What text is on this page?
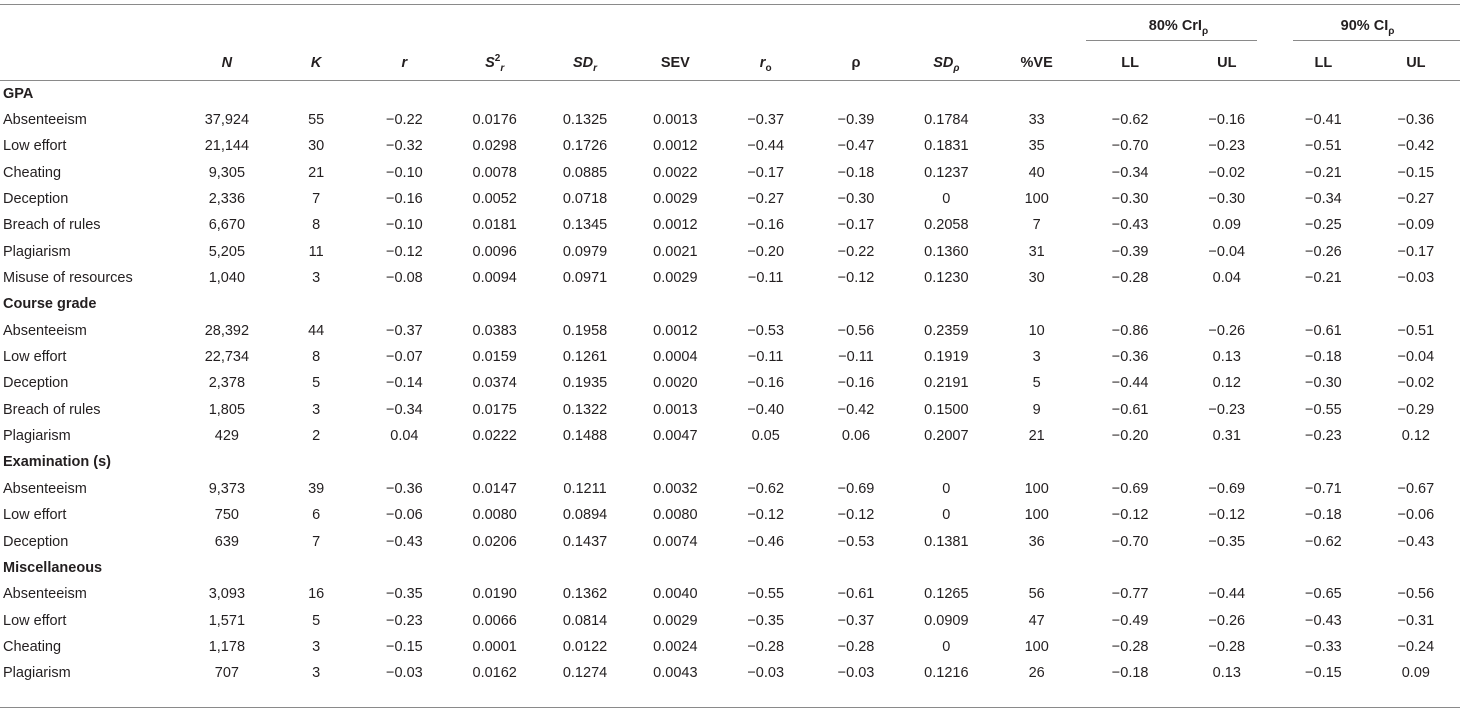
											80% CrI$_\rho$		90% $CI_\rho$

	N	K	r	$S^2_r$	$SD_r$	SEV	$r_o$	ρ	$SD_\rho$	%VE	LL	UL	LL	UL
GPA														
Absenteeism	37,924	55	−0.22	0.0176	0.1325	0.0013	−0.37	−0.39	0.1784	33	−0.62	−0.16	−0.41	−0.36
Low effort	21,144	30	−0.32	0.0298	0.1726	0.0012	−0.44	−0.47	0.1831	35	−0.70	−0.23	−0.51	−0.42
Cheating	9,305	21	−0.10	0.0078	0.0885	0.0022	−0.17	−0.18	0.1237	40	−0.34	−0.02	−0.21	−0.15
Deception	2,336	7	−0.16	0.0052	0.0718	0.0029	−0.27	−0.30	0	100	−0.30	−0.30	−0.34	−0.27
Breach of rules	6,670	8	−0.10	0.0181	0.1345	0.0012	−0.16	−0.17	0.2058	7	−0.43	0.09	−0.25	−0.09
Plagiarism	5,205	11	−0.12	0.0096	0.0979	0.0021	−0.20	−0.22	0.1360	31	−0.39	−0.04	−0.26	−0.17
Misuse of resources	1,040	3	−0.08	0.0094	0.0971	0.0029	−0.11	−0.12	0.1230	30	−0.28	0.04	−0.21	−0.03
Course grade														
Absenteeism	28,392	44	−0.37	0.0383	0.1958	0.0012	−0.53	−0.56	0.2359	10	−0.86	−0.26	−0.61	−0.51
Low effort	22,734	8	−0.07	0.0159	0.1261	0.0004	−0.11	−0.11	0.1919	3	−0.36	0.13	−0.18	−0.04
Deception	2,378	5	−0.14	0.0374	0.1935	0.0020	−0.16	−0.16	0.2191	5	−0.44	0.12	−0.30	−0.02
Breach of rules	1,805	3	−0.34	0.0175	0.1322	0.0013	−0.40	−0.42	0.1500	9	−0.61	−0.23	−0.55	−0.29
Plagiarism	429	2	0.04	0.0222	0.1488	0.0047	0.05	0.06	0.2007	21	−0.20	0.31	−0.23	0.12
Examination (s)														
Absenteeism	9,373	39	−0.36	0.0147	0.1211	0.0032	−0.62	−0.69	0	100	−0.69	−0.69	−0.71	−0.67
Low effort	750	6	−0.06	0.0080	0.0894	0.0080	−0.12	−0.12	0	100	−0.12	−0.12	−0.18	−0.06
Deception	639	7	−0.43	0.0206	0.1437	0.0074	−0.46	−0.53	0.1381	36	−0.70	−0.35	−0.62	−0.43
Miscellaneous														
Absenteeism	3,093	16	−0.35	0.0190	0.1362	0.0040	−0.55	−0.61	0.1265	56	−0.77	−0.44	−0.65	−0.56
Low effort	1,571	5	−0.23	0.0066	0.0814	0.0029	−0.35	−0.37	0.0909	47	−0.49	−0.26	−0.43	−0.31
Cheating	1,178	3	−0.15	0.0001	0.0122	0.0024	−0.28	−0.28	0	100	−0.28	−0.28	−0.33	−0.24
Plagiarism	707	3	−0.03	0.0162	0.1274	0.0043	−0.03	−0.03	0.1216	26	−0.18	0.13	−0.15	0.09
